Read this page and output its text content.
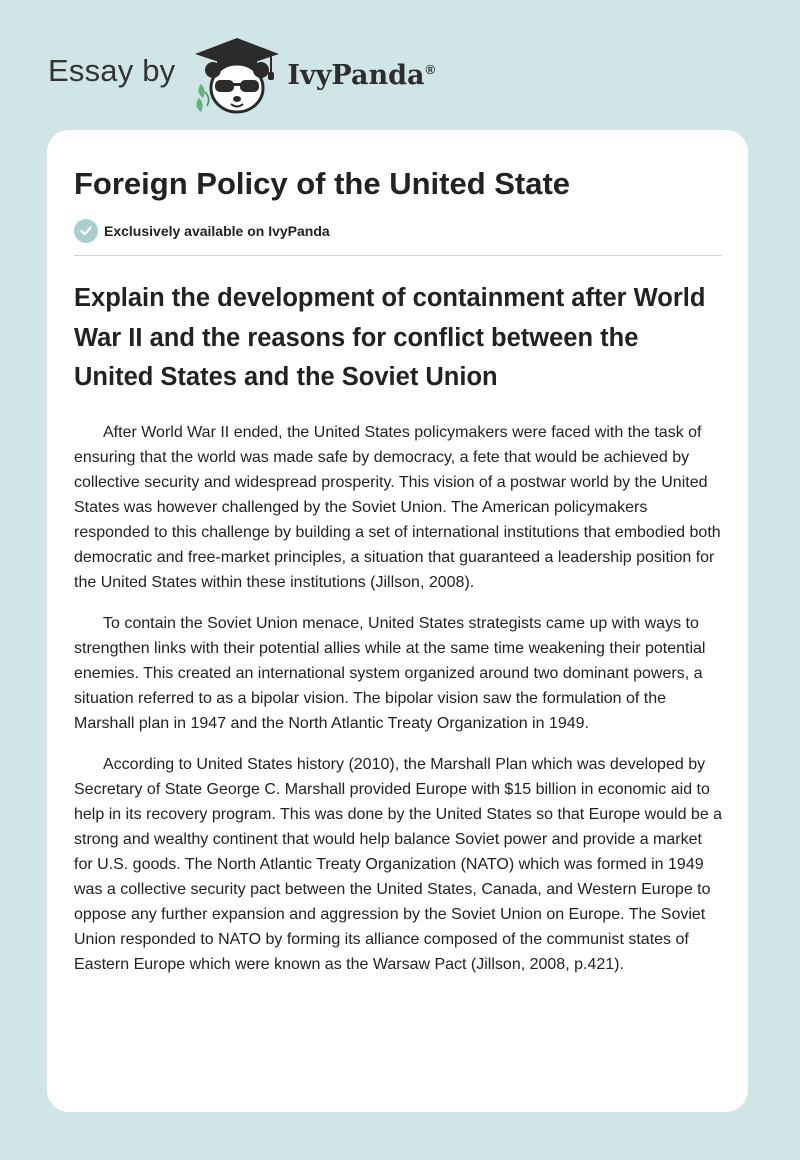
Essay by	IvyPanda®
Foreign Policy of the United State
Exclusively available on IvyPanda
Explain the development of containment after World War II and the reasons for conflict between the United States and the Soviet Union

After World War II ended, the United States policymakers were faced with the task of ensuring that the world was made safe by democracy, a fete that would be achieved by collective security and widespread prosperity. This vision of a postwar world by the United States was however challenged by the Soviet Union. The American policymakers responded to this challenge by building a set of international institutions that embodied both democratic and free-market principles, a situation that guaranteed a leadership position for the United States within these institutions (Jillson, 2008).

To contain the Soviet Union menace, United States strategists came up with ways to strengthen links with their potential allies while at the same time weakening their potential enemies. This created an international system organized around two dominant powers, a situation referred to as a bipolar vision. The bipolar vision saw the formulation of the Marshall plan in 1947 and the North Atlantic Treaty Organization in 1949.

According to United States history (2010), the Marshall Plan which was developed by Secretary of State George C. Marshall provided Europe with $15 billion in economic aid to help in its recovery program. This was done by the United States so that Europe would be a strong and wealthy continent that would help balance Soviet power and provide a market for U.S. goods. The North Atlantic Treaty Organization (NATO) which was formed in 1949 was a collective security pact between the United States, Canada, and Western Europe to oppose any further expansion and aggression by the Soviet Union on Europe. The Soviet Union responded to NATO by forming its alliance composed of the communist states of Eastern Europe which were known as the Warsaw Pact (Jillson, 2008, p.421).
